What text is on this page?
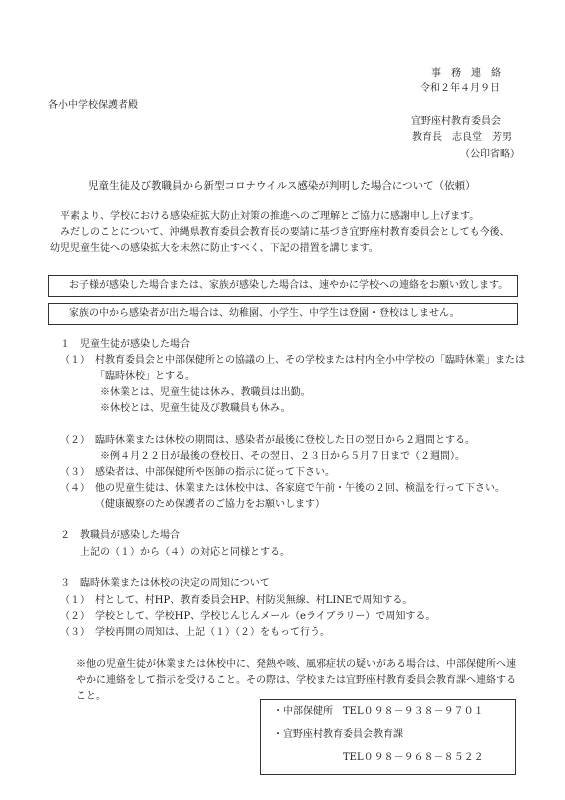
事　務　連　絡
令和２年４月９日
各小中学校保護者殿
宜野座村教育委員会
教育長　志良堂　芳男
（公印省略）
児童生徒及び教職員から新型コロナウイルス感染が判明した場合について（依頼）
平素より、学校における感染症拡大防止対策の推進へのご理解とご協力に感謝申し上げます。
みだしのことについて、沖縄県教育委員会教育長の要請に基づき宜野座村教育委員会としても今後、
幼児児童生徒への感染拡大を未然に防止すべく、下記の措置を講じます。
お子様が感染した場合または、家族が感染した場合は、速やかに学校への連絡をお願い致します。
家族の中から感染者が出た場合は、幼稚園、小学生、中学生は登園・登校はしません。
１　児童生徒が感染した場合
（１）　村教育委員会と中部保健所との協議の上、その学校または村内全小中学校の「臨時休業」または
　　　　「臨時休校」とする。
　　　　※休業とは、児童生徒は休み、教職員は出勤。
　　　　※休校とは、児童生徒及び教職員も休み。
（２）　臨時休業または休校の期間は、感染者が最後に登校した日の翌日から２週間とする。
　　　　※例４月２２日が最後の登校日、その翌日、２３日から５月７日まで（２週間）。
（３）　感染者は、中部保健所や医師の指示に従って下さい。
（４）　他の児童生徒は、休業または休校中は、各家庭で午前・午後の２回、検温を行って下さい。
　　　　（健康観察のため保護者のご協力をお願いします）
２　教職員が感染した場合
　　上記の（１）から（４）の対応と同様とする。
３　臨時休業または休校の決定の周知について
（１）　村として、村HP、教育委員会HP、村防災無線、村LINEで周知する。
（２）　学校として、学校HP、学校じんじんメール（eライブラリー）で周知する。
（３）　学校再開の周知は、上記（１）（２）をもって行う。
※他の児童生徒が休業または休校中に、発熱や咳、風邪症状の疑いがある場合は、中部保健所へ速
やかに連絡をして指示を受けること。その際は、学校または宜野座村教育委員会教育課へ連絡する
こと。
・中部保健所　TEL０９８－９３８－９７０１
・宜野座村教育委員会教育課
TEL０９８－９６８－８５２２
